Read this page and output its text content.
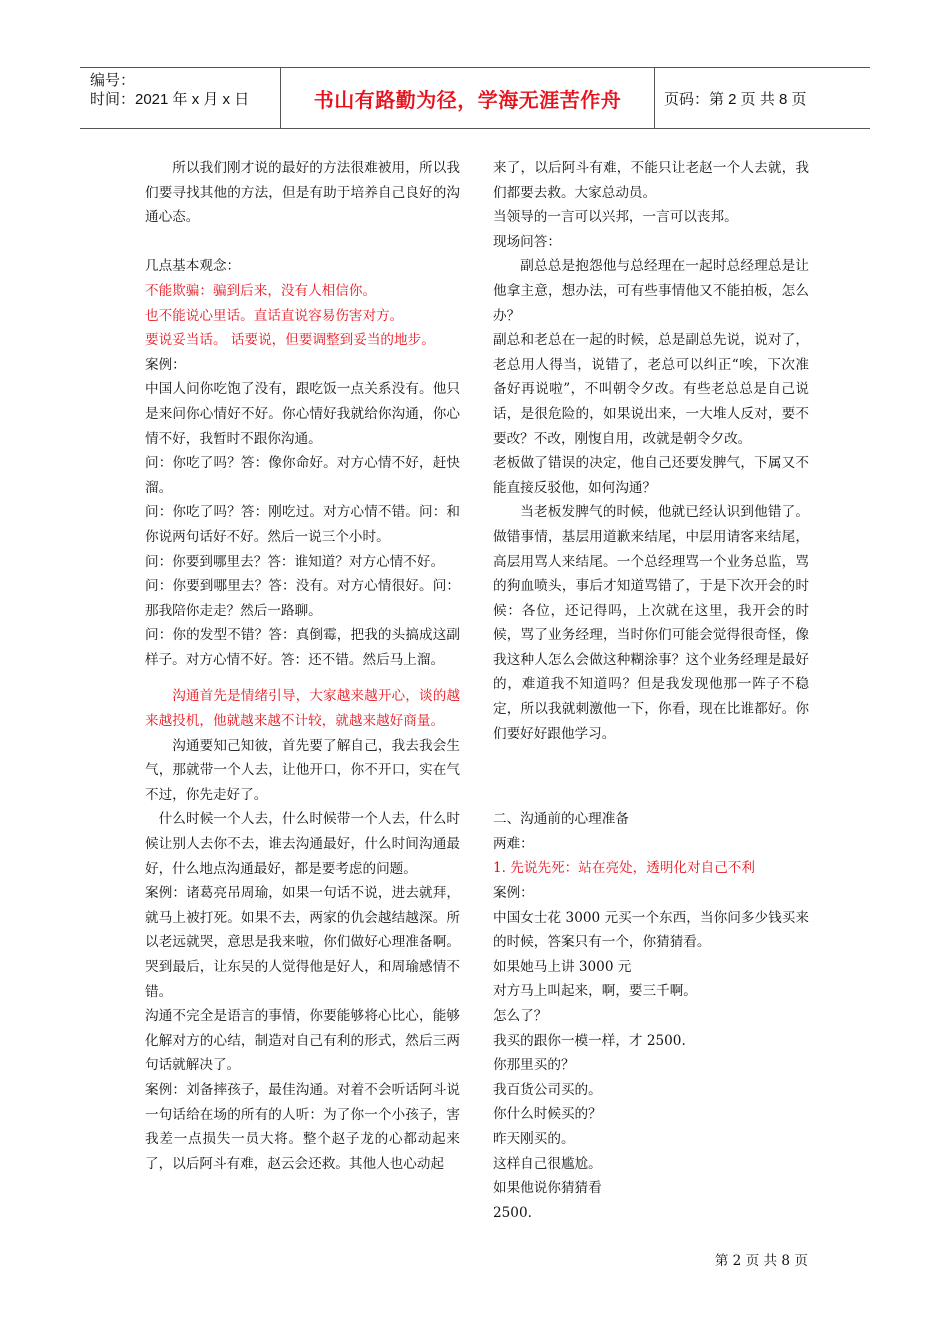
编号：
时间：2021 年 x 月 x 日	书山有路勤为径，学海无涯苦作舟	页码：第 2 页 共 8 页

所以我们刚才说的最好的方法很难被用，所以我们要寻找其他的方法，但是有助于培养自己良好的沟通心态。

几点基本观念：

不能欺骗：骗到后来，没有人相信你。

也不能说心里话。直话直说容易伤害对方。

要说妥当话。 话要说，但要调整到妥当的地步。

案例：

中国人问你吃饱了没有，跟吃饭一点关系没有。他只是来问你心情好不好。你心情好我就给你沟通，你心情不好，我暂时不跟你沟通。

问：你吃了吗？答：像你命好。对方心情不好，赶快溜。

问：你吃了吗？答：刚吃过。对方心情不错。问：和你说两句话好不好。然后一说三个小时。

问：你要到哪里去？答：谁知道？对方心情不好。

问：你要到哪里去？答：没有。对方心情很好。问：那我陪你走走？然后一路聊。

问：你的发型不错？答：真倒霉，把我的头搞成这副样子。对方心情不好。答：还不错。然后马上溜。

沟通首先是情绪引导，大家越来越开心，谈的越来越投机，他就越来越不计较，就越来越好商量。

沟通要知己知彼，首先要了解自己，我去我会生气，那就带一个人去，让他开口，你不开口，实在气不过，你先走好了。

什么时候一个人去，什么时候带一个人去，什么时候让别人去你不去，谁去沟通最好，什么时间沟通最好，什么地点沟通最好，都是要考虑的问题。

案例：诸葛亮吊周瑜，如果一句话不说，进去就拜，就马上被打死。如果不去，两家的仇会越结越深。所以老远就哭，意思是我来啦，你们做好心理准备啊。哭到最后，让东吴的人觉得他是好人，和周瑜感情不错。

沟通不完全是语言的事情，你要能够将心比心，能够化解对方的心结，制造对自己有利的形式，然后三两句话就解决了。

案例：刘备摔孩子，最佳沟通。对着不会听话阿斗说一句话给在场的所有的人听：为了你一个小孩子，害我差一点损失一员大将。整个赵子龙的心都动起来了，以后阿斗有难，赵云会还救。其他人也心动起

来了，以后阿斗有难，不能只让老赵一个人去就，我们都要去救。大家总动员。

当领导的一言可以兴邦，一言可以丧邦。

现场问答：

副总总是抱怨他与总经理在一起时总经理总是让他拿主意，想办法，可有些事情他又不能拍板，怎么办？

副总和老总在一起的时候，总是副总先说，说对了，老总用人得当，说错了，老总可以纠正“唉，下次准备好再说啦”，不叫朝令夕改。有些老总总是自己说话，是很危险的，如果说出来，一大堆人反对，要不要改？不改，刚愎自用，改就是朝令夕改。

老板做了错误的决定，他自己还要发脾气，下属又不能直接反驳他，如何沟通？

当老板发脾气的时候，他就已经认识到他错了。做错事情，基层用道歉来结尾，中层用请客来结尾，高层用骂人来结尾。一个总经理骂一个业务总监，骂的狗血喷头，事后才知道骂错了，于是下次开会的时候：各位，还记得吗，上次就在这里，我开会的时候，骂了业务经理，当时你们可能会觉得很奇怪，像我这种人怎么会做这种糊涂事？这个业务经理是最好的，难道我不知道吗？但是我发现他那一阵子不稳定，所以我就刺激他一下，你看，现在比谁都好。你们要好好跟他学习。

二、沟通前的心理准备

两难：

1. 先说先死：站在亮处，透明化对自己不利

案例：

中国女士花 3000 元买一个东西，当你问多少钱买来的时候，答案只有一个，你猜猜看。

如果她马上讲 3000 元

对方马上叫起来，啊，要三千啊。

怎么了？

我买的跟你一模一样，才 2500.

你那里买的？

我百货公司买的。

你什么时候买的？

昨天刚买的。

这样自己很尴尬。

如果他说你猜猜看

2500.

第 2 页 共 8 页
